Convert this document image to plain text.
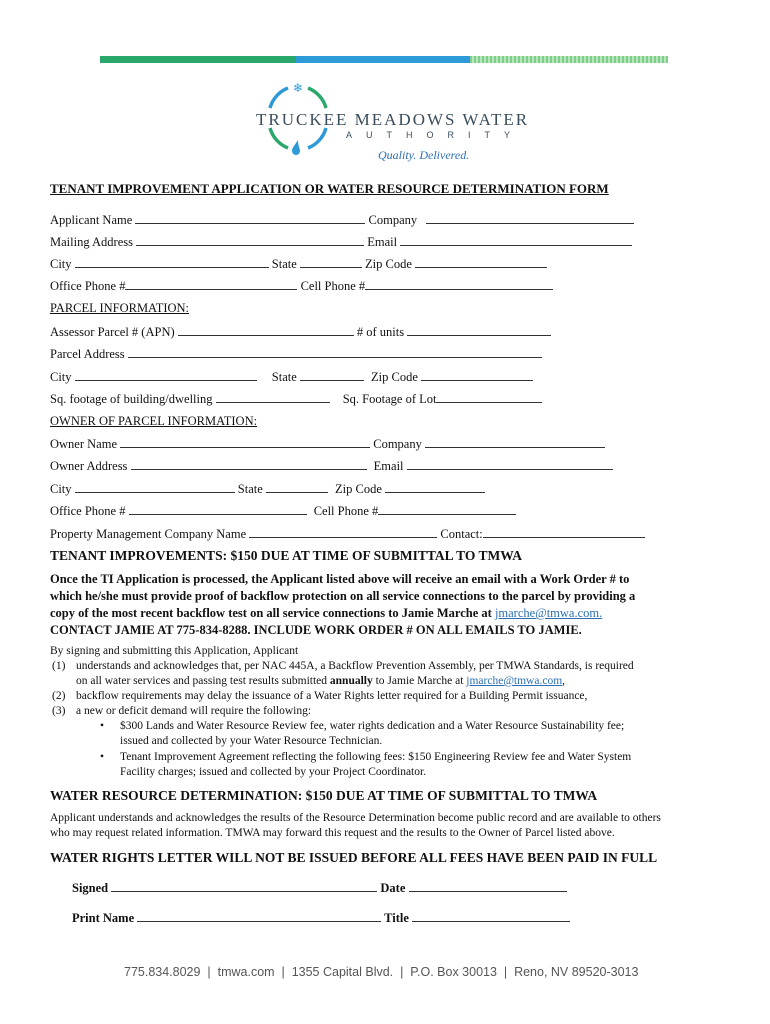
❄
TRUCKEE MEADOWS WATER
AUTHORITY
Quality. Delivered.
TENANT IMPROVEMENT APPLICATION OR WATER RESOURCE DETERMINATION FORM
Applicant Name	Company
Mailing Address	Email
City	State	Zip Code
Office Phone #	Cell Phone #
PARCEL INFORMATION:
Assessor Parcel # (APN)	# of units
Parcel Address
City	State	Zip Code
Sq. footage of building/dwelling	Sq. Footage of Lot
OWNER OF PARCEL INFORMATION:
Owner Name	Company
Owner Address	Email
City	State	Zip Code
Office Phone #	Cell Phone #
Property Management Company Name	Contact:
TENANT IMPROVEMENTS: $150 DUE AT TIME OF SUBMITTAL TO TMWA
Once the TI Application is processed, the Applicant listed above will receive an email with a Work Order # to
which he/she must provide proof of backflow protection on all service connections to the parcel by providing a
copy of the most recent backflow test on all service connections to Jamie Marche at jmarche@tmwa.com.
CONTACT JAMIE AT 775-834-8288. INCLUDE WORK ORDER # ON ALL EMAILS TO JAMIE.
By signing and submitting this Application, Applicant
(1) understands and acknowledges that, per NAC 445A, a Backflow Prevention Assembly, per TMWA Standards, is required
on all water services and passing test results submitted annually to Jamie Marche at jmarche@tmwa.com,
(2) backflow requirements may delay the issuance of a Water Rights letter required for a Building Permit issuance,
(3) a new or deficit demand will require the following:
• $300 Lands and Water Resource Review fee, water rights dedication and a Water Resource Sustainability fee;
issued and collected by your Water Resource Technician.
• Tenant Improvement Agreement reflecting the following fees: $150 Engineering Review fee and Water System
Facility charges; issued and collected by your Project Coordinator.
WATER RESOURCE DETERMINATION: $150 DUE AT TIME OF SUBMITTAL TO TMWA
Applicant understands and acknowledges the results of the Resource Determination become public record and are available to others
who may request related information. TMWA may forward this request and the results to the Owner of Parcel listed above.
WATER RIGHTS LETTER WILL NOT BE ISSUED BEFORE ALL FEES HAVE BEEN PAID IN FULL
Signed	Date
Print Name	Title
775.834.8029  |  tmwa.com  |  1355 Capital Blvd.  |  P.O. Box 30013  |  Reno, NV 89520-3013
